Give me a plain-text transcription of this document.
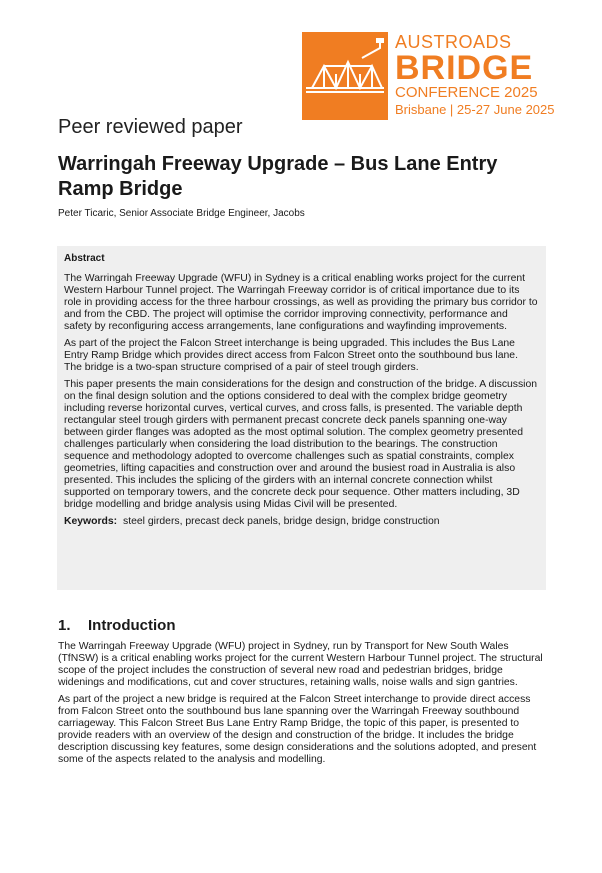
AUSTROADS
BRIDGE
CONFERENCE 2025
Brisbane | 25-27 June 2025
Peer reviewed paper
Warringah Freeway Upgrade – Bus Lane Entry Ramp Bridge
Peter Ticaric, Senior Associate Bridge Engineer, Jacobs
Abstract

The Warringah Freeway Upgrade (WFU) in Sydney is a critical enabling works project for the current Western Harbour Tunnel project. The Warringah Freeway corridor is of critical importance due to its role in providing access for the three harbour crossings, as well as providing the primary bus corridor to and from the CBD. The project will optimise the corridor improving connectivity, performance and safety by reconfiguring access arrangements, lane configurations and wayfinding improvements.

As part of the project the Falcon Street interchange is being upgraded. This includes the Bus Lane Entry Ramp Bridge which provides direct access from Falcon Street onto the southbound bus lane. The bridge is a two-span structure comprised of a pair of steel trough girders.

This paper presents the main considerations for the design and construction of the bridge. A discussion on the final design solution and the options considered to deal with the complex bridge geometry including reverse horizontal curves, vertical curves, and cross falls, is presented. The variable depth rectangular steel trough girders with permanent precast concrete deck panels spanning one-way between girder flanges was adopted as the most optimal solution. The complex geometry presented challenges particularly when considering the load distribution to the bearings. The construction sequence and methodology adopted to overcome challenges such as spatial constraints, complex geometries, lifting capacities and construction over and around the busiest road in Australia is also presented. This includes the splicing of the girders with an internal concrete connection whilst supported on temporary towers, and the concrete deck pour sequence. Other matters including, 3D bridge modelling and bridge analysis using Midas Civil will be presented.

Keywords: steel girders, precast deck panels, bridge design, bridge construction
1. Introduction

The Warringah Freeway Upgrade (WFU) project in Sydney, run by Transport for New South Wales (TfNSW) is a critical enabling works project for the current Western Harbour Tunnel project. The structural scope of the project includes the construction of several new road and pedestrian bridges, bridge widenings and modifications, cut and cover structures, retaining walls, noise walls and sign gantries.

As part of the project a new bridge is required at the Falcon Street interchange to provide direct access from Falcon Street onto the southbound bus lane spanning over the Warringah Freeway southbound carriageway. This Falcon Street Bus Lane Entry Ramp Bridge, the topic of this paper, is presented to provide readers with an overview of the design and construction of the bridge. It includes the bridge description discussing key features, some design considerations and the solutions adopted, and present some of the aspects related to the analysis and modelling.
